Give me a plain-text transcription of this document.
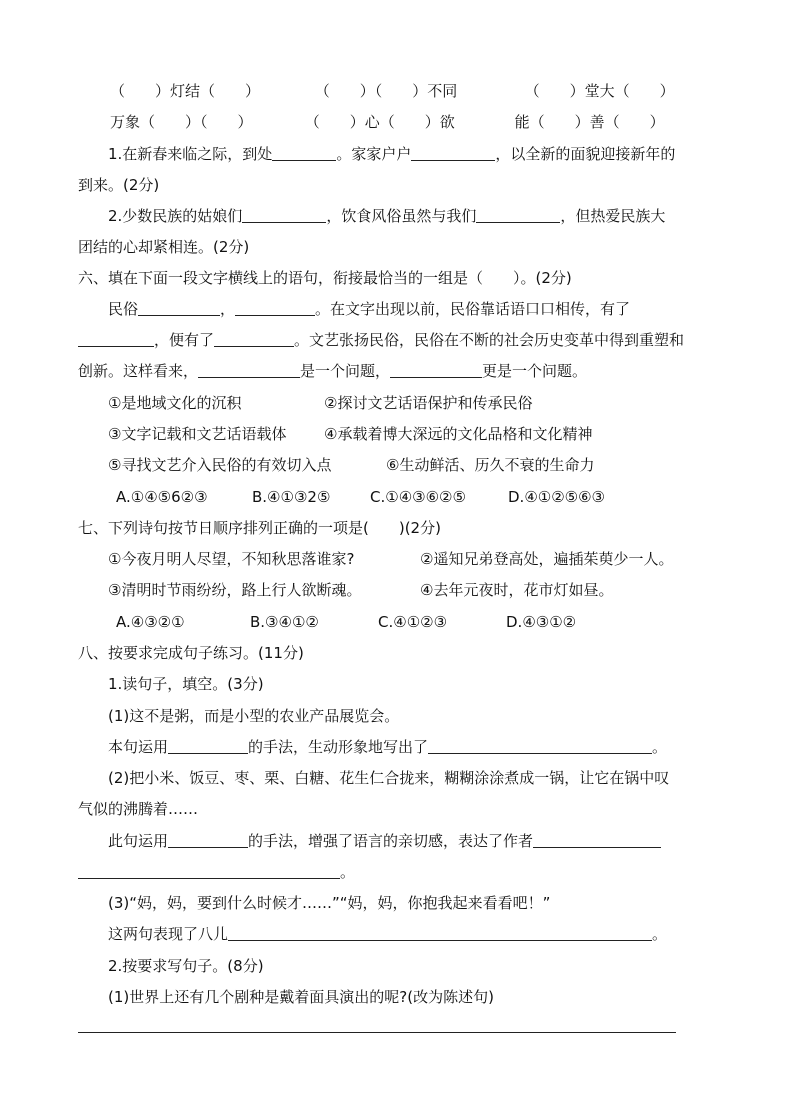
（　　）灯结（　　）	（　　）（　　）不同	（　　）堂大（　　）
万象（　　）（　　）	（　　）心（　　）欲	能（　　）善（　　）
1.在新春来临之际，到处	。家家户户	，以全新的面貌迎接新年的
到来。(2分)
2.少数民族的姑娘们	，饮食风俗虽然与我们	，但热爱民族大
团结的心却紧相连。(2分)
六、填在下面一段文字横线上的语句，衔接最恰当的一组是（　　）。(2分)
民俗	，	。在文字出现以前，民俗靠话语口口相传，有了
，便有了	。文艺张扬民俗，民俗在不断的社会历史变革中得到重塑和
创新。这样看来，	是一个问题，	更是一个问题。
①是地域文化的沉积	②探讨文艺话语保护和传承民俗
③文字记载和文艺话语载体	④承载着博大深远的文化品格和文化精神
⑤寻找文艺介入民俗的有效切入点	⑥生动鲜活、历久不衰的生命力
A.①④⑤6②③	B.④①③2⑤	C.①④③⑥②⑤	D.④①②⑤⑥③
七、下列诗句按节日顺序排列正确的一项是(　　)(2分)
①今夜月明人尽望，不知秋思落谁家?	②遥知兄弟登高处，遍插茱萸少一人。
③清明时节雨纷纷，路上行人欲断魂。	④去年元夜时，花市灯如昼。
A.④③②①	B.③④①②	C.④①②③	D.④③①②
八、按要求完成句子练习。(11分)
1.读句子，填空。(3分)
(1)这不是粥，而是小型的农业产品展览会。
本句运用	的手法，生动形象地写出了	。
(2)把小米、饭豆、枣、栗、白糖、花生仁合拢来，糊糊涂涂煮成一锅，让它在锅中叹
气似的沸腾着……
此句运用	的手法，增强了语言的亲切感，表达了作者
。
(3)“妈，妈，要到什么时候才……”“妈，妈，你抱我起来看看吧！”
这两句表现了八儿	。
2.按要求写句子。(8分)
(1)世界上还有几个剧种是戴着面具演出的呢?(改为陈述句)
